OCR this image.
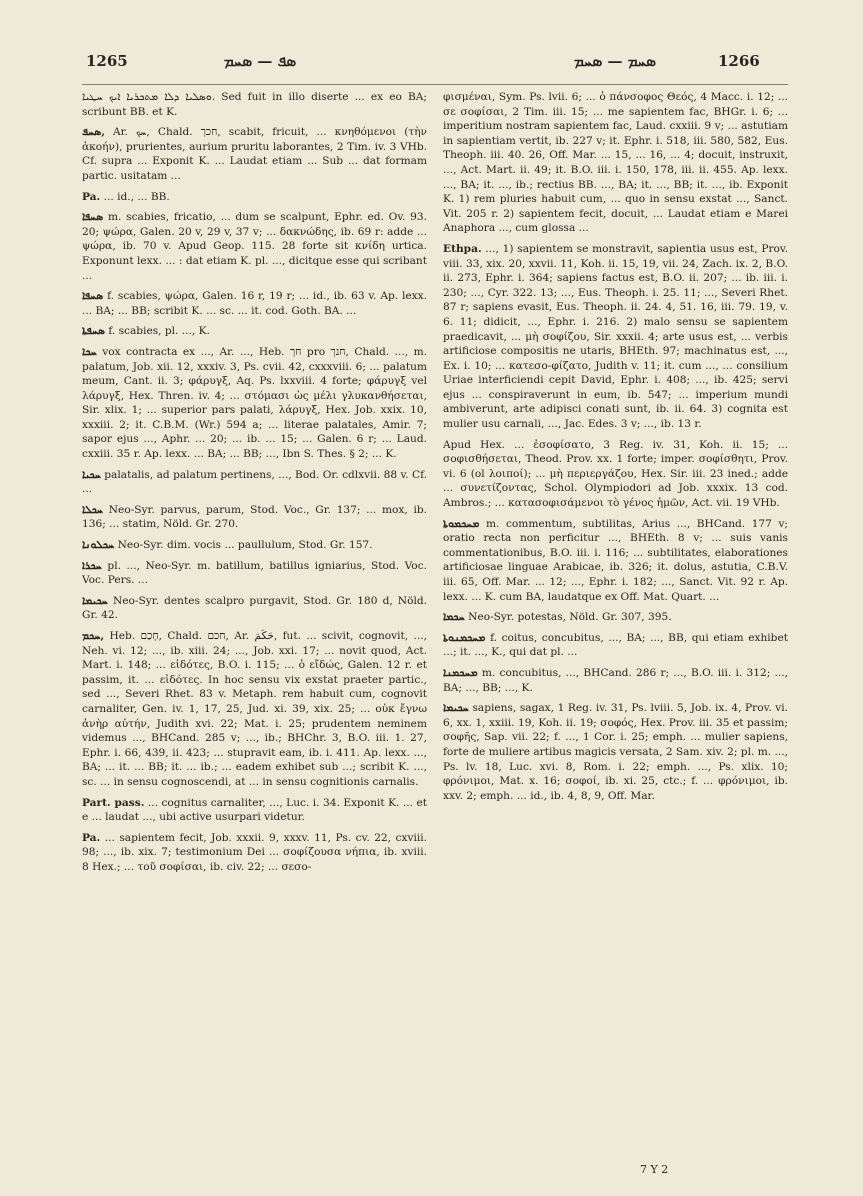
1265	ܣܦ — ܣܚܡ	ܣܚܡ — ܣܚܡ	1266

ܘܣܠܝܐ ܕܠܐ ܡܬܟܪܝܐ ܐܝܟ ܚܛܝܐ. Sed fuit in illo diserte ... ex eo BA; scribunt BB. et K.

ܣܚܦ, Ar. ܚܟ, Chald. חכך, scabit, fricuit, ... κνηθόμενοι (τὴν ἀκοήν), prurientes, aurium pruritu laborantes, 2 Tim. iv. 3 VHb. Cf. supra ... Exponit K. ... Laudat etiam ... Sub ... dat formam partic. usitatam ...

Pa. ... id., ... BB.

ܣܚܦܐ m. scabies, fricatio, ... dum se scalpunt, Ephr. ed. Ov. 93. 20; ψώρα, Galen. 20 v, 29 v, 37 v; ... δακνώδης, ib. 69 r: adde ... ψώρα, ib. 70 v. Apud Geop. 115. 28 forte sit κνίδη urtica. Exponunt lexx. ... : dat etiam K. pl. ..., dicitque esse qui scribant ...

ܣܚܦܐ f. scabies, ψώρα, Galen. 16 r, 19 r; ... id., ib. 63 v. Ap. lexx. ... BA; ... BB; scribit K. ... sc. ... it. cod. Goth. BA. ...

ܣܚܦܬܐ f. scabies, pl. ..., K.

ܚܟܐ vox contracta ex ..., Ar. ..., Heb. חך pro חנך, Chald. ..., m. palatum, Job. xii. 12, xxxiv. 3, Ps. cvii. 42, cxxxviii. 6; ... palatum meum, Cant. ii. 3; φάρυγξ, Aq. Ps. lxxviii. 4 forte; φάρυγξ vel λάρυγξ, Hex. Thren. iv. 4; ... στόμασι ὡς μέλι γλυκανθήσεται, Sir. xlix. 1; ... superior pars palati, λάρυγξ, Hex. Job. xxix. 10, xxxiii. 2; it. C.B.M. (Wr.) 594 a; ... literae palatales, Amir. 7; sapor ejus ..., Aphr. ... 20; ... ib. ... 15; ... Galen. 6 r; ... Laud. cxxiii. 35 r. Ap. lexx. ... BA; ... BB; ..., Ibn S. Thes. § 2; ... K.

ܚܟܝܐ palatalis, ad palatum pertinens, ..., Bod. Or. cdlxvii. 88 v. Cf. ...

ܚܟܠܐ Neo-Syr. parvus, parum, Stod. Voc., Gr. 137; ... mox, ib. 136; ... statim, Nöld. Gr. 270.

ܚܟܠܘܢܐ Neo-Syr. dim. vocis ... paullulum, Stod. Gr. 157.

ܚܟܪܐ pl. ..., Neo-Syr. m. batillum, batillus igniarius, Stod. Voc. Voc. Pers. ...

ܚܟܝܡܐ Neo-Syr. dentes scalpro purgavit, Stod. Gr. 180 d, Nöld. Gr. 42.

ܚܟܡ, Heb. חָכַם, Chald. חכם, Ar. حَكَمَ, fut. ... scivit, cognovit, ..., Neh. vi. 12; ..., ib. xiii. 24; ..., Job. xxi. 17; ... novit quod, Act. Mart. i. 148; ... εἰδότες, B.O. i. 115; ... ὁ εἴδώς, Galen. 12 r. et passim, it. ... εἰδότες. In hoc sensu vix exstat praeter partic., sed ..., Severi Rhet. 83 v. Metaph. rem habuit cum, cognovit carnaliter, Gen. iv. 1, 17, 25, Jud. xi. 39, xix. 25; ... οὐκ ἔγνω ἀνὴρ αὐτήν, Judith xvi. 22; Mat. i. 25; prudentem neminem videmus ..., BHCand. 285 v; ..., ib.; BHChr. 3, B.O. iii. 1. 27, Ephr. i. 66, 439, ii. 423; ... stupravit eam, ib. i. 411. Ap. lexx. ..., BA; ... it. ... BB; it. ... ib.; ... eadem exhibet sub ...; scribit K. ..., sc. ... in sensu cognoscendi, at ... in sensu cognitionis carnalis.

Part. pass. ... cognitus carnaliter, ..., Luc. i. 34. Exponit K. ... et e ... laudat ..., ubi active usurpari videtur.

Pa. ... sapientem fecit, Job. xxxii. 9, xxxv. 11, Ps. cv. 22, cxviii. 98; ..., ib. xix. 7; testimonium Dei ... σοφίζουσα νήπια, ib. xviii. 8 Hex.; ... τοῦ σοφίσαι, ib. civ. 22; ... σεσο-

φισμέναι, Sym. Ps. lvii. 6; ... ὁ πάνσοφος Θεός, 4 Macc. i. 12; ... σε σοφίσαι, 2 Tim. iii. 15; ... me sapientem fac, BHGr. i. 6; ... imperitium nostram sapientem fac, Laud. cxxiii. 9 v; ... astutiam in sapientiam vertit, ib. 227 v; it. Ephr. i. 518, iii. 580, 582, Eus. Theoph. iii. 40. 26, Off. Mar. ... 15, ... 16, ... 4; docuit, instruxit, ..., Act. Mart. ii. 49; it. B.O. iii. i. 150, 178, iii. ii. 455. Ap. lexx. ..., BA; it. ..., ib.; rectius BB. ..., BA; it. ..., BB; it. ..., ib. Exponit K. 1) rem pluries habuit cum, ... quo in sensu exstat ..., Sanct. Vit. 205 r. 2) sapientem fecit, docuit, ... Laudat etiam e Marei Anaphora ..., cum glossa ...

Ethpa. ..., 1) sapientem se monstravit, sapientia usus est, Prov. viii. 33, xix. 20, xxvii. 11, Koh. ii. 15, 19, vii. 24, Zach. ix. 2, B.O. ii. 273, Ephr. i. 364; sapiens factus est, B.O. ii. 207; ... ib. iii. i. 230; ..., Cyr. 322. 13; ..., Eus. Theoph. i. 25. 11; ..., Severi Rhet. 87 r; sapiens evasit, Eus. Theoph. ii. 24. 4, 51. 16, iii. 79. 19, v. 6. 11; didicit, ..., Ephr. i. 216. 2) malo sensu se sapientem praedicavit, ... μὴ σοφίζου, Sir. xxxii. 4; arte usus est, ... verbis artificiose compositis ne utaris, BHEth. 97; machinatus est, ..., Ex. i. 10; ... κατεσο-φίζατο, Judith v. 11; it. cum ..., ... consilium Uriae interficiendi cepit David, Ephr. i. 408; ..., ib. 425; servi ejus ... conspiraverunt in eum, ib. 547; ... imperium mundi ambiverunt, arte adipisci conati sunt, ib. ii. 64. 3) cognita est mulier usu carnali, ..., Jac. Edes. 3 v; ..., ib. 13 r.

Apud Hex. ... ἐσοφίσατο, 3 Reg. iv. 31, Koh. ii. 15; ... σοφισθήσεται, Theod. Prov. xx. 1 forte; imper. σοφίσθητι, Prov. vi. 6 (ol λοιποί); ... μὴ περιεργάζου, Hex. Sir. iii. 23 ined.; adde ... συνετίζοντας, Schol. Olympiodori ad Job. xxxix. 13 cod. Ambros.; ... κατασοφισάμενοι τὸ γένος ἡμῶν, Act. vii. 19 VHb.

ܡܚܟܡܘܬܐ m. commentum, subtilitas, Arius ..., BHCand. 177 v; oratio recta non perficitur ..., BHEth. 8 v; ... suis vanis commentationibus, B.O. iii. i. 116; ... subtilitates, elaborationes artificiosae linguae Arabicae, ib. 326; it. dolus, astutia, C.B.V. iii. 65, Off. Mar. ... 12; ..., Ephr. i. 182; ..., Sanct. Vit. 92 r. Ap. lexx. ... K. cum BA, laudatque ex Off. Mat. Quart. ...

ܚܟܡܐ Neo-Syr. potestas, Nöld. Gr. 307, 395.

ܡܚܟܡܢܘܬܐ f. coitus, concubitus, ..., BA; ..., BB, qui etiam exhibet ...; it. ..., K., qui dat pl. ...

ܡܚܟܡܢܐ m. concubitus, ..., BHCand. 286 r; ..., B.O. iii. i. 312; ..., BA; ..., BB; ..., K.

ܚܟܝܡܐ sapiens, sagax, 1 Reg. iv. 31, Ps. lviii. 5, Job. ix. 4, Prov. vi. 6, xx. 1, xxiii. 19, Koh. ii. 19; σοφός, Hex. Prov. iii. 35 et passim; σοφῆς, Sap. vii. 22; f. ..., 1 Cor. i. 25; emph. ... mulier sapiens, forte de muliere artibus magicis versata, 2 Sam. xiv. 2; pl. m. ..., Ps. lv. 18, Luc. xvi. 8, Rom. i. 22; emph. ..., Ps. xlix. 10; φρόνιμοι, Mat. x. 16; σοφοί, ib. xi. 25, ctc.; f. ... φρόνιμοι, ib. xxv. 2; emph. ... id., ib. 4, 8, 9, Off. Mar.

7 Y 2
